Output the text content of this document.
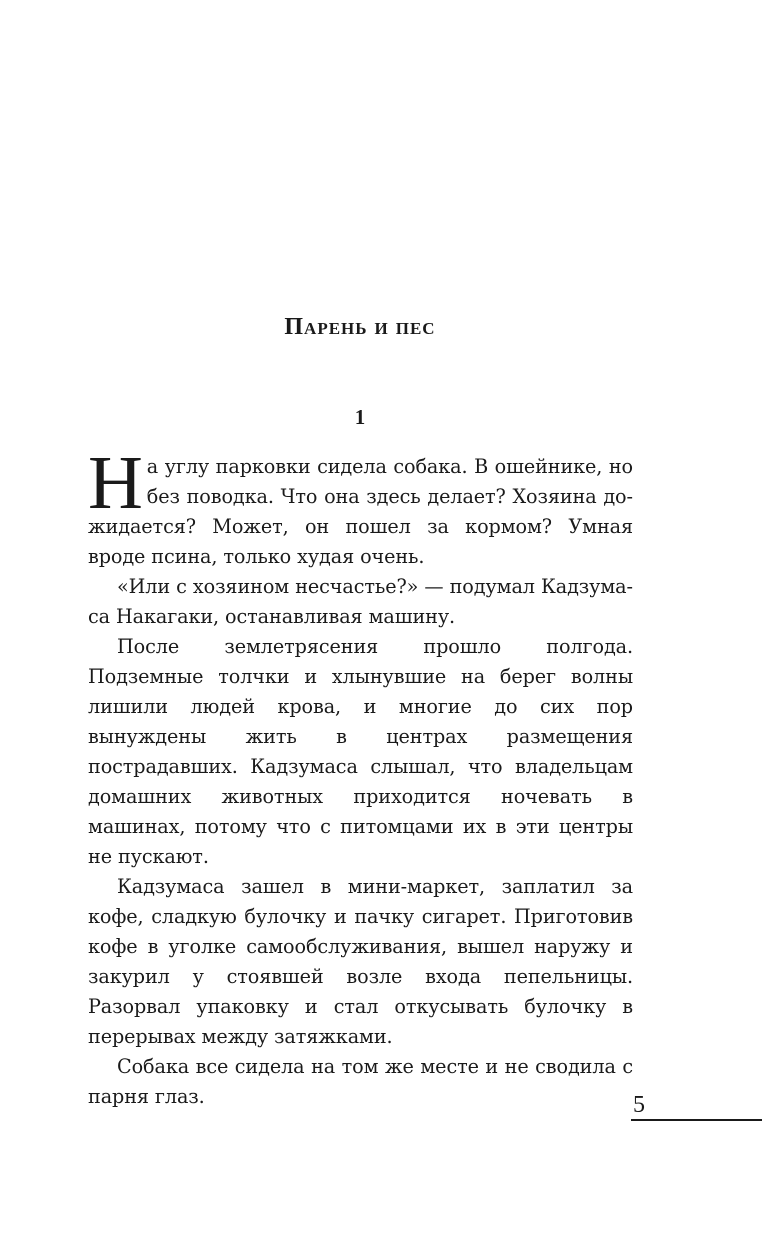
Парень и пес
1

На углу парковки сидела собака. В ошейнике, но без поводка. Что она здесь делает? Хозяина дожидается? Может, он пошел за кормом? Умная вроде псина, только худая очень.

«Или с хозяином несчастье?» — подумал Кадзумаса Накагаки, останавливая машину.

После землетрясения прошло полгода. Подземные толчки и хлынувшие на берег волны лишили людей крова, и многие до сих пор вынуждены жить в центрах размещения пострадавших. Кадзумаса слышал, что владельцам домашних животных приходится ночевать в машинах, потому что с питомцами их в эти центры не пускают.

Кадзумаса зашел в мини-маркет, заплатил за кофе, сладкую булочку и пачку сигарет. Приготовив кофе в уголке самообслуживания, вышел наружу и закурил у стоявшей возле входа пепельницы. Разорвал упаковку и стал откусывать булочку в перерывах между затяжками.

Собака все сидела на том же месте и не сводила с парня глаз.	5
